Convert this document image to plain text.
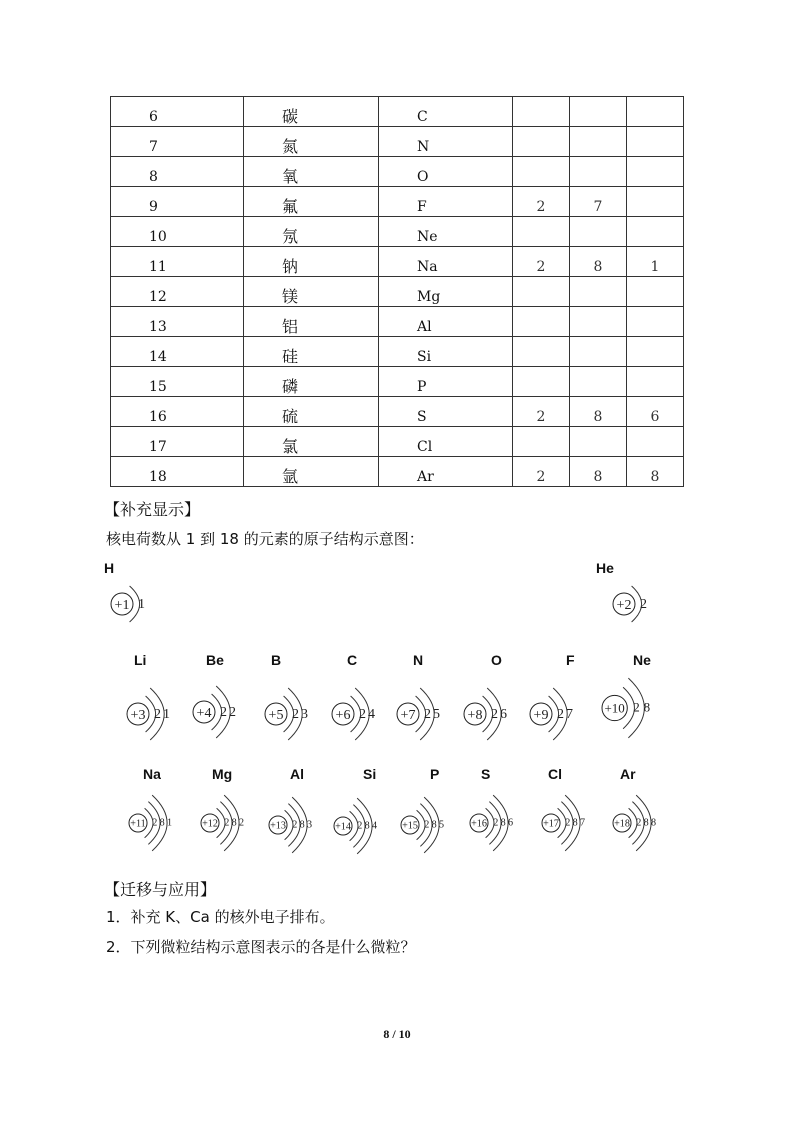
6	碳	C			
7	氮	N			
8	氧	O			
9	氟	F	2	7	
10	氖	Ne			
11	钠	Na	2	8	1
12	镁	Mg			
13	铝	Al			
14	硅	Si			
15	磷	P			
16	硫	S	2	8	6
17	氯	Cl			
18	氩	Ar	2	8	8
【补充显示】
核电荷数从 1 到 18 的元素的原子结构示意图：
H
+1 1
He
+2 2
Li
+3 2 1
Be
+4 2 2
B
+5 2 3
C
+6 2 4
N
+7 2 5
O
+8 2 6
F
+9 2 7
Ne
+10 2 8
Na
+11 2 8 1
Mg
+12 2 8 2
Al
+13 2 8 3
Si
+14 2 8 4
P
+15 2 8 5
S
+16 2 8 6
Cl
+17 2 8 7
Ar
+18 2 8 8
【迁移与应用】
1．补充 K、Ca 的核外电子排布。
2．下列微粒结构示意图表示的各是什么微粒？
8 / 10
